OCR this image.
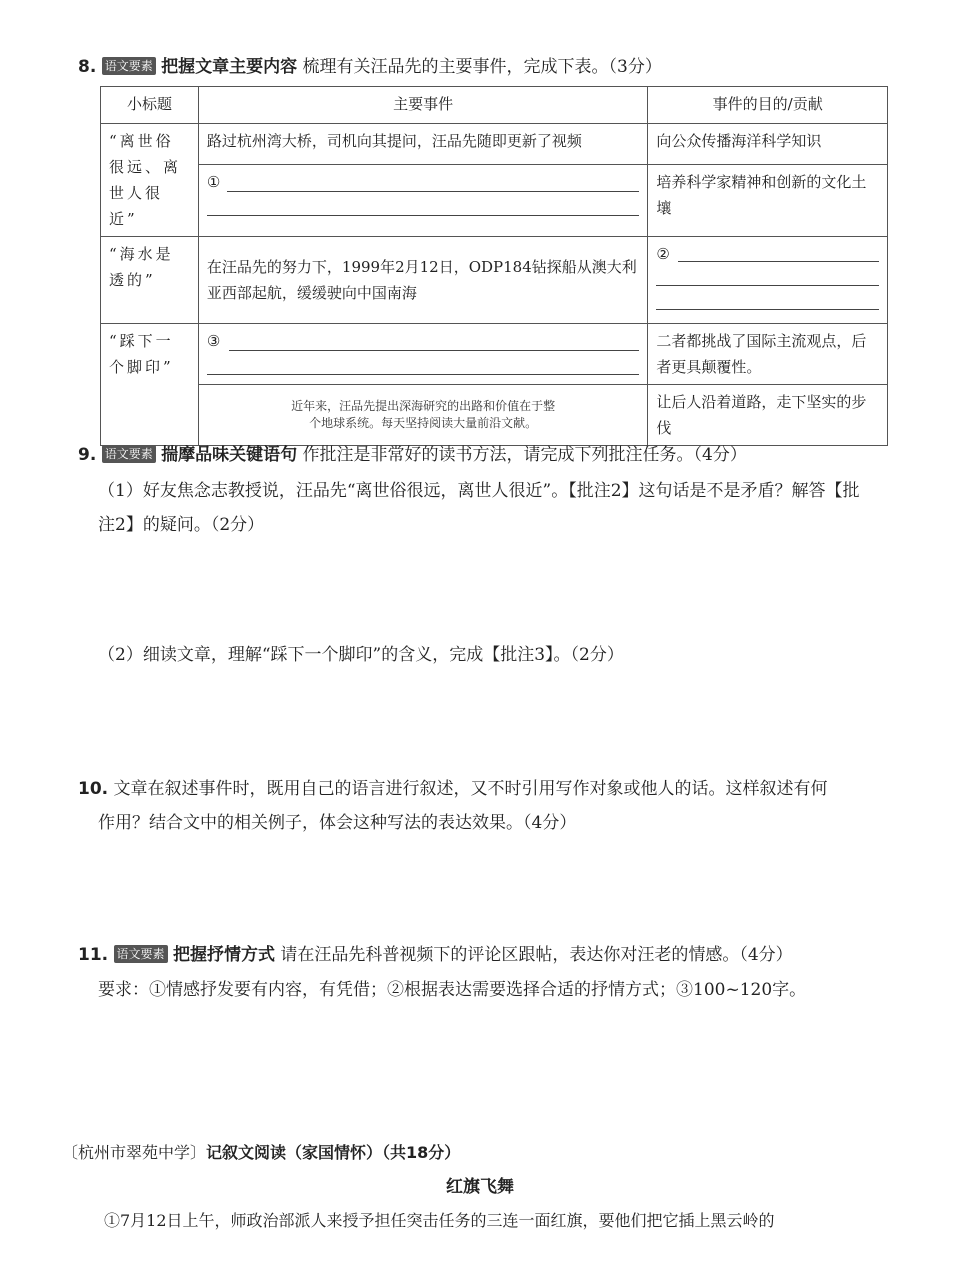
8. 语文要素 把握文章主要内容 梳理有关汪品先的主要事件，完成下表。（3分）
小标题	主要事件	事件的目的/贡献
“离世俗很远、离世人很近”	路过杭州湾大桥，司机向其提问，汪品先随即更新了视频	向公众传播海洋科学知识

	①	培养科学家精神和创新的文化土壤
“海水是透的”	在汪品先的努力下，1999年2月12日，ODP184钻探船从澳大利亚西部起航，缓缓驶向中国南海	②

“踩下一个脚印”	③	二者都挑战了国际主流观点，后者更具颠覆性。

	近年来，汪品先提出深海研究的出路和价值在于整个地球系统。每天坚持阅读大量前沿文献。	让后人沿着道路，走下坚实的步伐
9. 语文要素 揣摩品味关键语句 作批注是非常好的读书方法，请完成下列批注任务。（4分）
（1）好友焦念志教授说，汪品先“离世俗很远，离世人很近”。【批注2】这句话是不是矛盾？解答【批
注2】的疑问。（2分）
（2）细读文章，理解“踩下一个脚印”的含义，完成【批注3】。（2分）
10. 文章在叙述事件时，既用自己的语言进行叙述，又不时引用写作对象或他人的话。这样叙述有何
作用？结合文中的相关例子，体会这种写法的表达效果。（4分）
11. 语文要素 把握抒情方式 请在汪品先科普视频下的评论区跟帖，表达你对汪老的情感。（4分）
要求：①情感抒发要有内容，有凭借；②根据表达需要选择合适的抒情方式；③100~120字。
〔杭州市翠苑中学〕记叙文阅读（家国情怀）（共18分）
红旗飞舞
①7月12日上午，师政治部派人来授予担任突击任务的三连一面红旗，要他们把它插上黑云岭的
